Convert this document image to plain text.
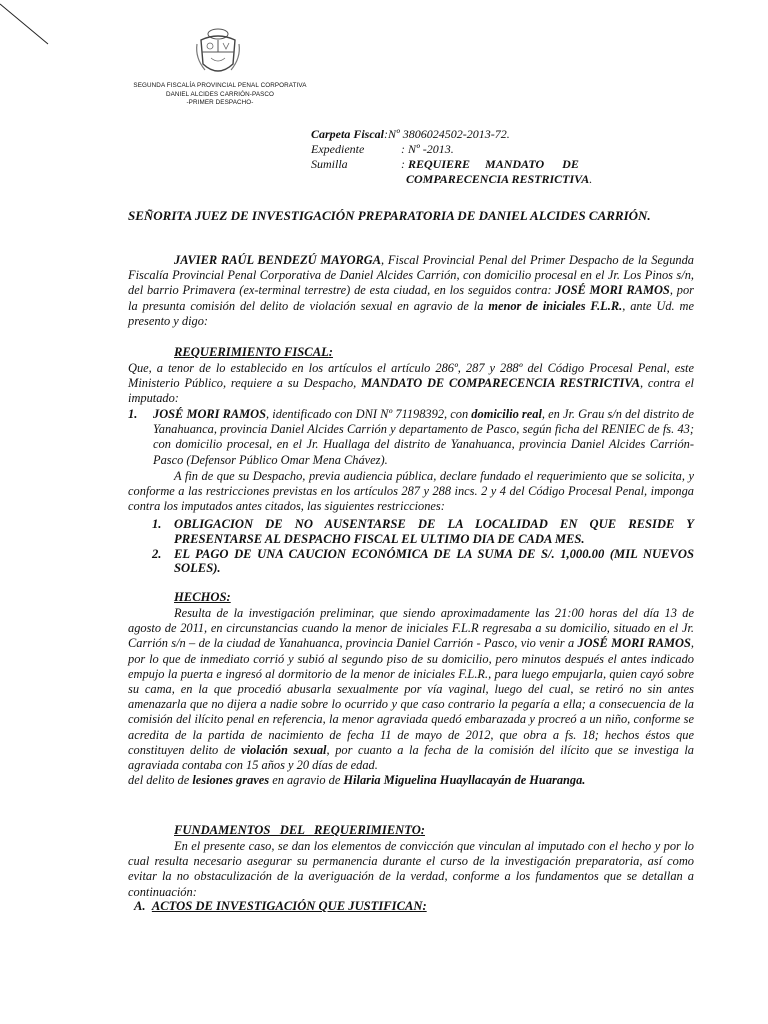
SEGUNDA FISCALÍA PROVINCIAL PENAL CORPORATIVA
DANIEL ALCIDES CARRIÓN-PASCO
-PRIMER DESPACHO-
Carpeta Fiscal :Nº 3806024502-2013-72.
Expediente	: Nº -2013.
Sumilla	: REQUIERE     MANDATO      DE
COMPARECENCIA RESTRICTIVA .
SEÑORITA JUEZ DE INVESTIGACIÓN PREPARATORIA DE DANIEL ALCIDES CARRIÓN.
JAVIER RAÚL BENDEZÚ MAYORGA, Fiscal Provincial Penal del Primer Despacho de la Segunda Fiscalía Provincial Penal Corporativa de Daniel Alcides Carrión, con domicilio procesal en el Jr. Los Pinos s/n, del barrio Primavera (ex-terminal terrestre) de esta ciudad, en los seguidos contra: JOSÉ MORI RAMOS, por la presunta comisión del delito de violación sexual en agravio de la menor de iniciales F.L.R., ante Ud. me presento y digo:
REQUERIMIENTO FISCAL:
Que, a tenor de lo establecido en los artículos el artículo 286º, 287 y 288º del Código Procesal Penal, este Ministerio Público, requiere a su Despacho, MANDATO DE COMPARECENCIA RESTRICTIVA, contra el imputado:
1.	JOSÉ MORI RAMOS, identificado con DNI Nº 71198392, con domicilio real, en Jr. Grau s/n del distrito de Yanahuanca, provincia Daniel Alcides Carrión y departamento de Pasco, según ficha del RENIEC de fs. 43; con domicilio procesal, en el Jr. Huallaga del distrito de Yanahuanca, provincia Daniel Alcides Carrión-Pasco (Defensor Público Omar Mena Chávez).
A fin de que su Despacho, previa audiencia pública, declare fundado el requerimiento que se solicita, y conforme a las restricciones previstas en los artículos 287 y 288 incs. 2 y 4 del Código Procesal Penal, imponga contra los imputados antes citados, las siguientes restricciones:
1. OBLIGACION DE NO AUSENTARSE DE LA LOCALIDAD EN QUE RESIDE Y PRESENTARSE AL DESPACHO FISCAL EL ULTIMO DIA DE CADA MES.
2. EL PAGO DE UNA CAUCION ECONÓMICA DE LA SUMA DE S/. 1,000.00 (MIL NUEVOS SOLES).
HECHOS:
Resulta de la investigación preliminar, que siendo aproximadamente las 21:00 horas del día 13 de agosto de 2011, en circunstancias cuando la menor de iniciales F.L.R regresaba a su domicilio, situado en el Jr. Carrión s/n – de la ciudad de Yanahuanca, provincia Daniel Carrión - Pasco, vio venir a JOSÉ MORI RAMOS, por lo que de inmediato corrió y subió al segundo piso de su domicilio, pero minutos después el antes indicado empujo la puerta e ingresó al dormitorio de la menor de iniciales F.L.R., para luego empujarla, quien cayó sobre su cama, en la que procedió abusarla sexualmente por vía vaginal, luego del cual, se retiró no sin antes amenazarla que no dijera a nadie sobre lo ocurrido y que caso contrario la pegaría a ella; a consecuencia de la comisión del ilícito penal en referencia, la menor agraviada quedó embarazada y procreó a un niño, conforme se acredita de la partida de nacimiento de fecha 11 de mayo de 2012, que obra a fs. 18; hechos éstos que constituyen delito de violación sexual, por cuanto a la fecha de la comisión del ilícito que se investiga la agraviada contaba con 15 años y 20 días de edad.
del delito de lesiones graves en agravio de Hilaria Miguelina Huayllacayán de Huaranga.
FUNDAMENTOS   DEL   REQUERIMIENTO:
En el presente caso, se dan los elementos de convicción que vinculan al imputado con el hecho y por lo cual resulta necesario asegurar su permanencia durante el curso de la investigación preparatoria, así como evitar la no obstaculización de la averiguación de la verdad, conforme a los fundamentos que se detallan a continuación:
A. ACTOS DE INVESTIGACIÓN QUE JUSTIFICAN:
